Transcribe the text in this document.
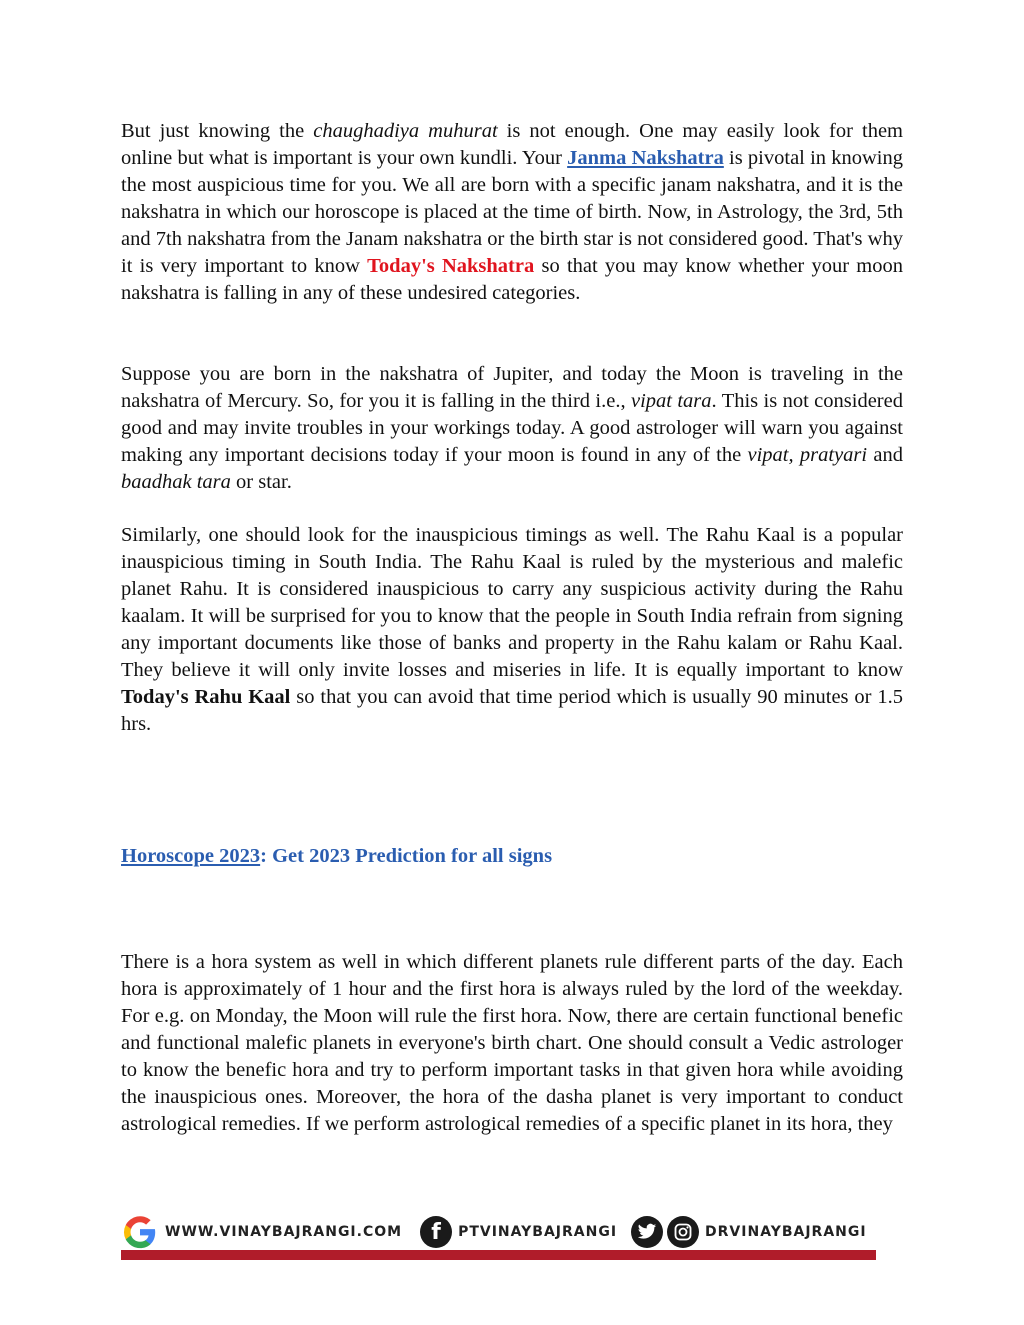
But just knowing the chaughadiya muhurat is not enough. One may easily look for them online but what is important is your own kundli. Your Janma Nakshatra is pivotal in knowing the most auspicious time for you. We all are born with a specific janam nakshatra, and it is the nakshatra in which our horoscope is placed at the time of birth. Now, in Astrology, the 3rd, 5th and 7th nakshatra from the Janam nakshatra or the birth star is not considered good. That's why it is very important to know Today's Nakshatra so that you may know whether your moon nakshatra is falling in any of these undesired categories.
Suppose you are born in the nakshatra of Jupiter, and today the Moon is traveling in the nakshatra of Mercury. So, for you it is falling in the third i.e., vipat tara. This is not considered good and may invite troubles in your workings today. A good astrologer will warn you against making any important decisions today if your moon is found in any of the vipat, pratyari and baadhak tara or star.
Similarly, one should look for the inauspicious timings as well. The Rahu Kaal is a popular inauspicious timing in South India. The Rahu Kaal is ruled by the mysterious and malefic planet Rahu. It is considered inauspicious to carry any suspicious activity during the Rahu kaalam. It will be surprised for you to know that the people in South India refrain from signing any important documents like those of banks and property in the Rahu kalam or Rahu Kaal. They believe it will only invite losses and miseries in life. It is equally important to know Today's Rahu Kaal so that you can avoid that time period which is usually 90 minutes or 1.5 hrs.
Horoscope 2023: Get 2023 Prediction for all signs
There is a hora system as well in which different planets rule different parts of the day. Each hora is approximately of 1 hour and the first hora is always ruled by the lord of the weekday. For e.g. on Monday, the Moon will rule the first hora. Now, there are certain functional benefic and functional malefic planets in everyone's birth chart. One should consult a Vedic astrologer to know the benefic hora and try to perform important tasks in that given hora while avoiding the inauspicious ones. Moreover, the hora of the dasha planet is very important to conduct astrological remedies. If we perform astrological remedies of a specific planet in its hora, they
WWW.VINAYBAJRANGI.COM	f	PTVINAYBAJRANGI	DRVINAYBAJRANGI
